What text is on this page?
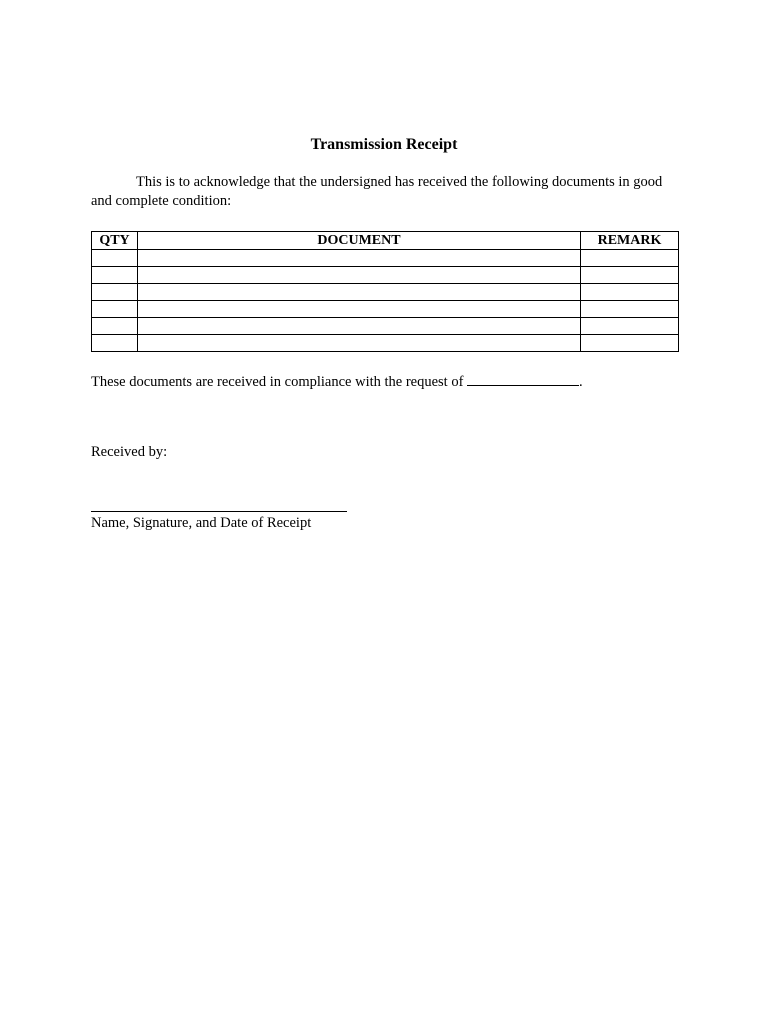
Transmission Receipt
This is to acknowledge that the undersigned has received the following documents in good and complete condition:
QTY	DOCUMENT	REMARK

These documents are received in compliance with the request of	.
Received by:
Name, Signature, and Date of Receipt
